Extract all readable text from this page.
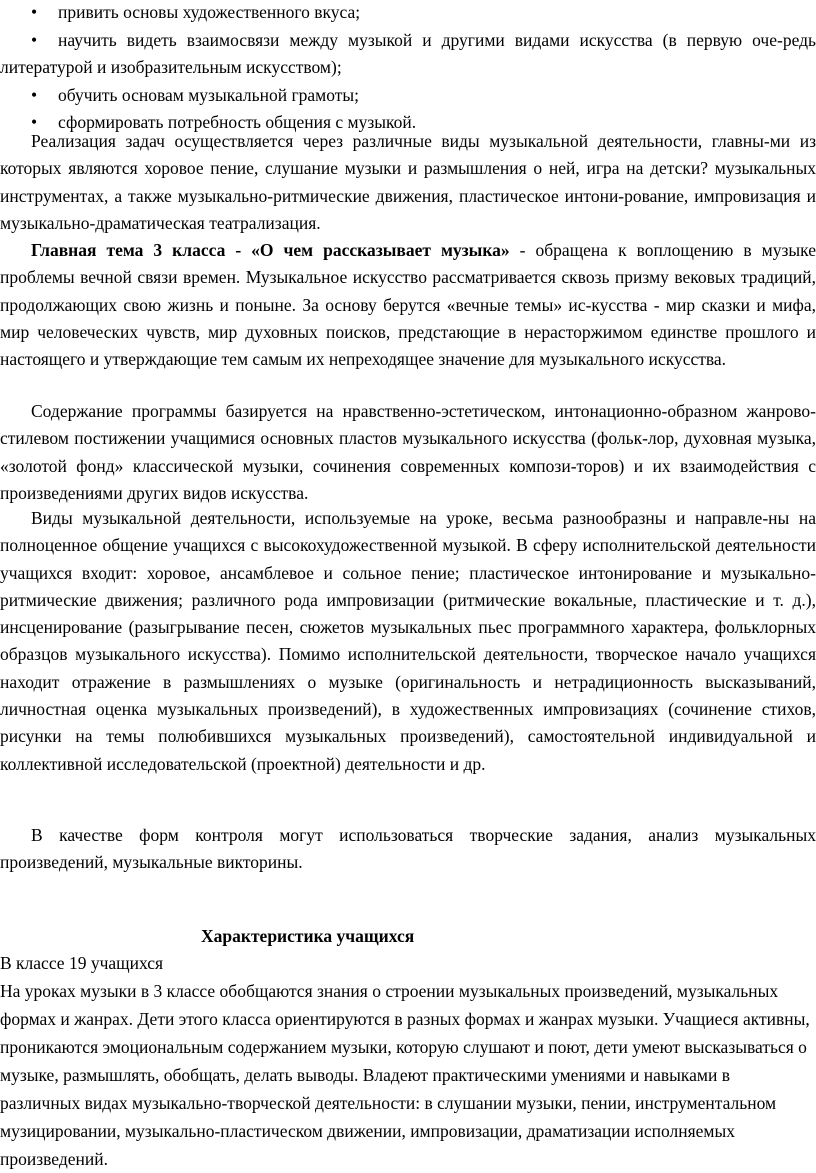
• привить основы художественного вкуса;
• научить видеть взаимосвязи между музыкой и другими видами искусства (в первую оче-редь литературой и изобразительным искусством);
• обучить основам музыкальной грамоты;
• сформировать потребность общения с музыкой.

Реализация задач осуществляется через различные виды музыкальной деятельности, главны-ми из которых являются хоровое пение, слушание музыки и размышления о ней, игра на детски? музыкальных инструментах, а также музыкально-ритмические движения, пластическое интони-рование, импровизация и музыкально-драматическая театрализация.

Главная тема 3 класса - «О чем рассказывает музыка» - обращена к воплощению в музыке проблемы вечной связи времен. Музыкальное искусство рассматривается сквозь призму вековых традиций, продолжающих свою жизнь и поныне. За основу берутся «вечные темы» ис-кусства - мир сказки и мифа, мир человеческих чувств, мир духовных поисков, предстающие в нерасторжимом единстве прошлого и настоящего и утверждающие тем самым их непреходящее значение для музыкального искусства.

Содержание программы базируется на нравственно-эстетическом, интонационно-образном жанрово-стилевом постижении учащимися основных пластов музыкального искусства (фольк-лор, духовная музыка, «золотой фонд» классической музыки, сочинения современных компози-торов) и их взаимодействия с произведениями других видов искусства.

Виды музыкальной деятельности, используемые на уроке, весьма разнообразны и направле-ны на полноценное общение учащихся с высокохудожественной музыкой. В сферу исполнительской деятельности учащихся входит: хоровое, ансамблевое и сольное пение; пластическое интонирование и музыкально-ритмические движения; различного рода импровизации (ритмические вокальные, пластические и т. д.), инсценирование (разыгрывание песен, сюжетов музыкальных пьес программного характера, фольклорных образцов музыкального искусства). Помимо исполнительской деятельности, творческое начало учащихся находит отражение в размышлениях о музыке (оригинальность и нетрадиционность высказываний, личностная оценка музыкальных произведений), в художественных импровизациях (сочинение стихов, рисунки на темы полюбившихся музыкальных произведений), самостоятельной индивидуальной и коллективной исследовательской (проектной) деятельности и др.

В качестве форм контроля могут использоваться творческие задания, анализ музыкальных произведений, музыкальные викторины.

Характеристика учащихся
В классе 19 учащихся

На уроках музыки в 3 классе обобщаются знания о строении музыкальных произведений, музыкальных формах и жанрах. Дети этого класса ориентируются в разных формах и жанрах музыки. Учащиеся активны, проникаются эмоциональным содержанием музыки, которую слушают и поют, дети умеют высказываться о музыке, размышлять, обобщать, делать выводы. Владеют практическими умениями и навыками в различных видах музыкально-творческой деятельности: в слушании музыки, пении, инструментальном музицировании, музыкально-пластическом движении, импровизации, драматизации исполняемых произведений.
